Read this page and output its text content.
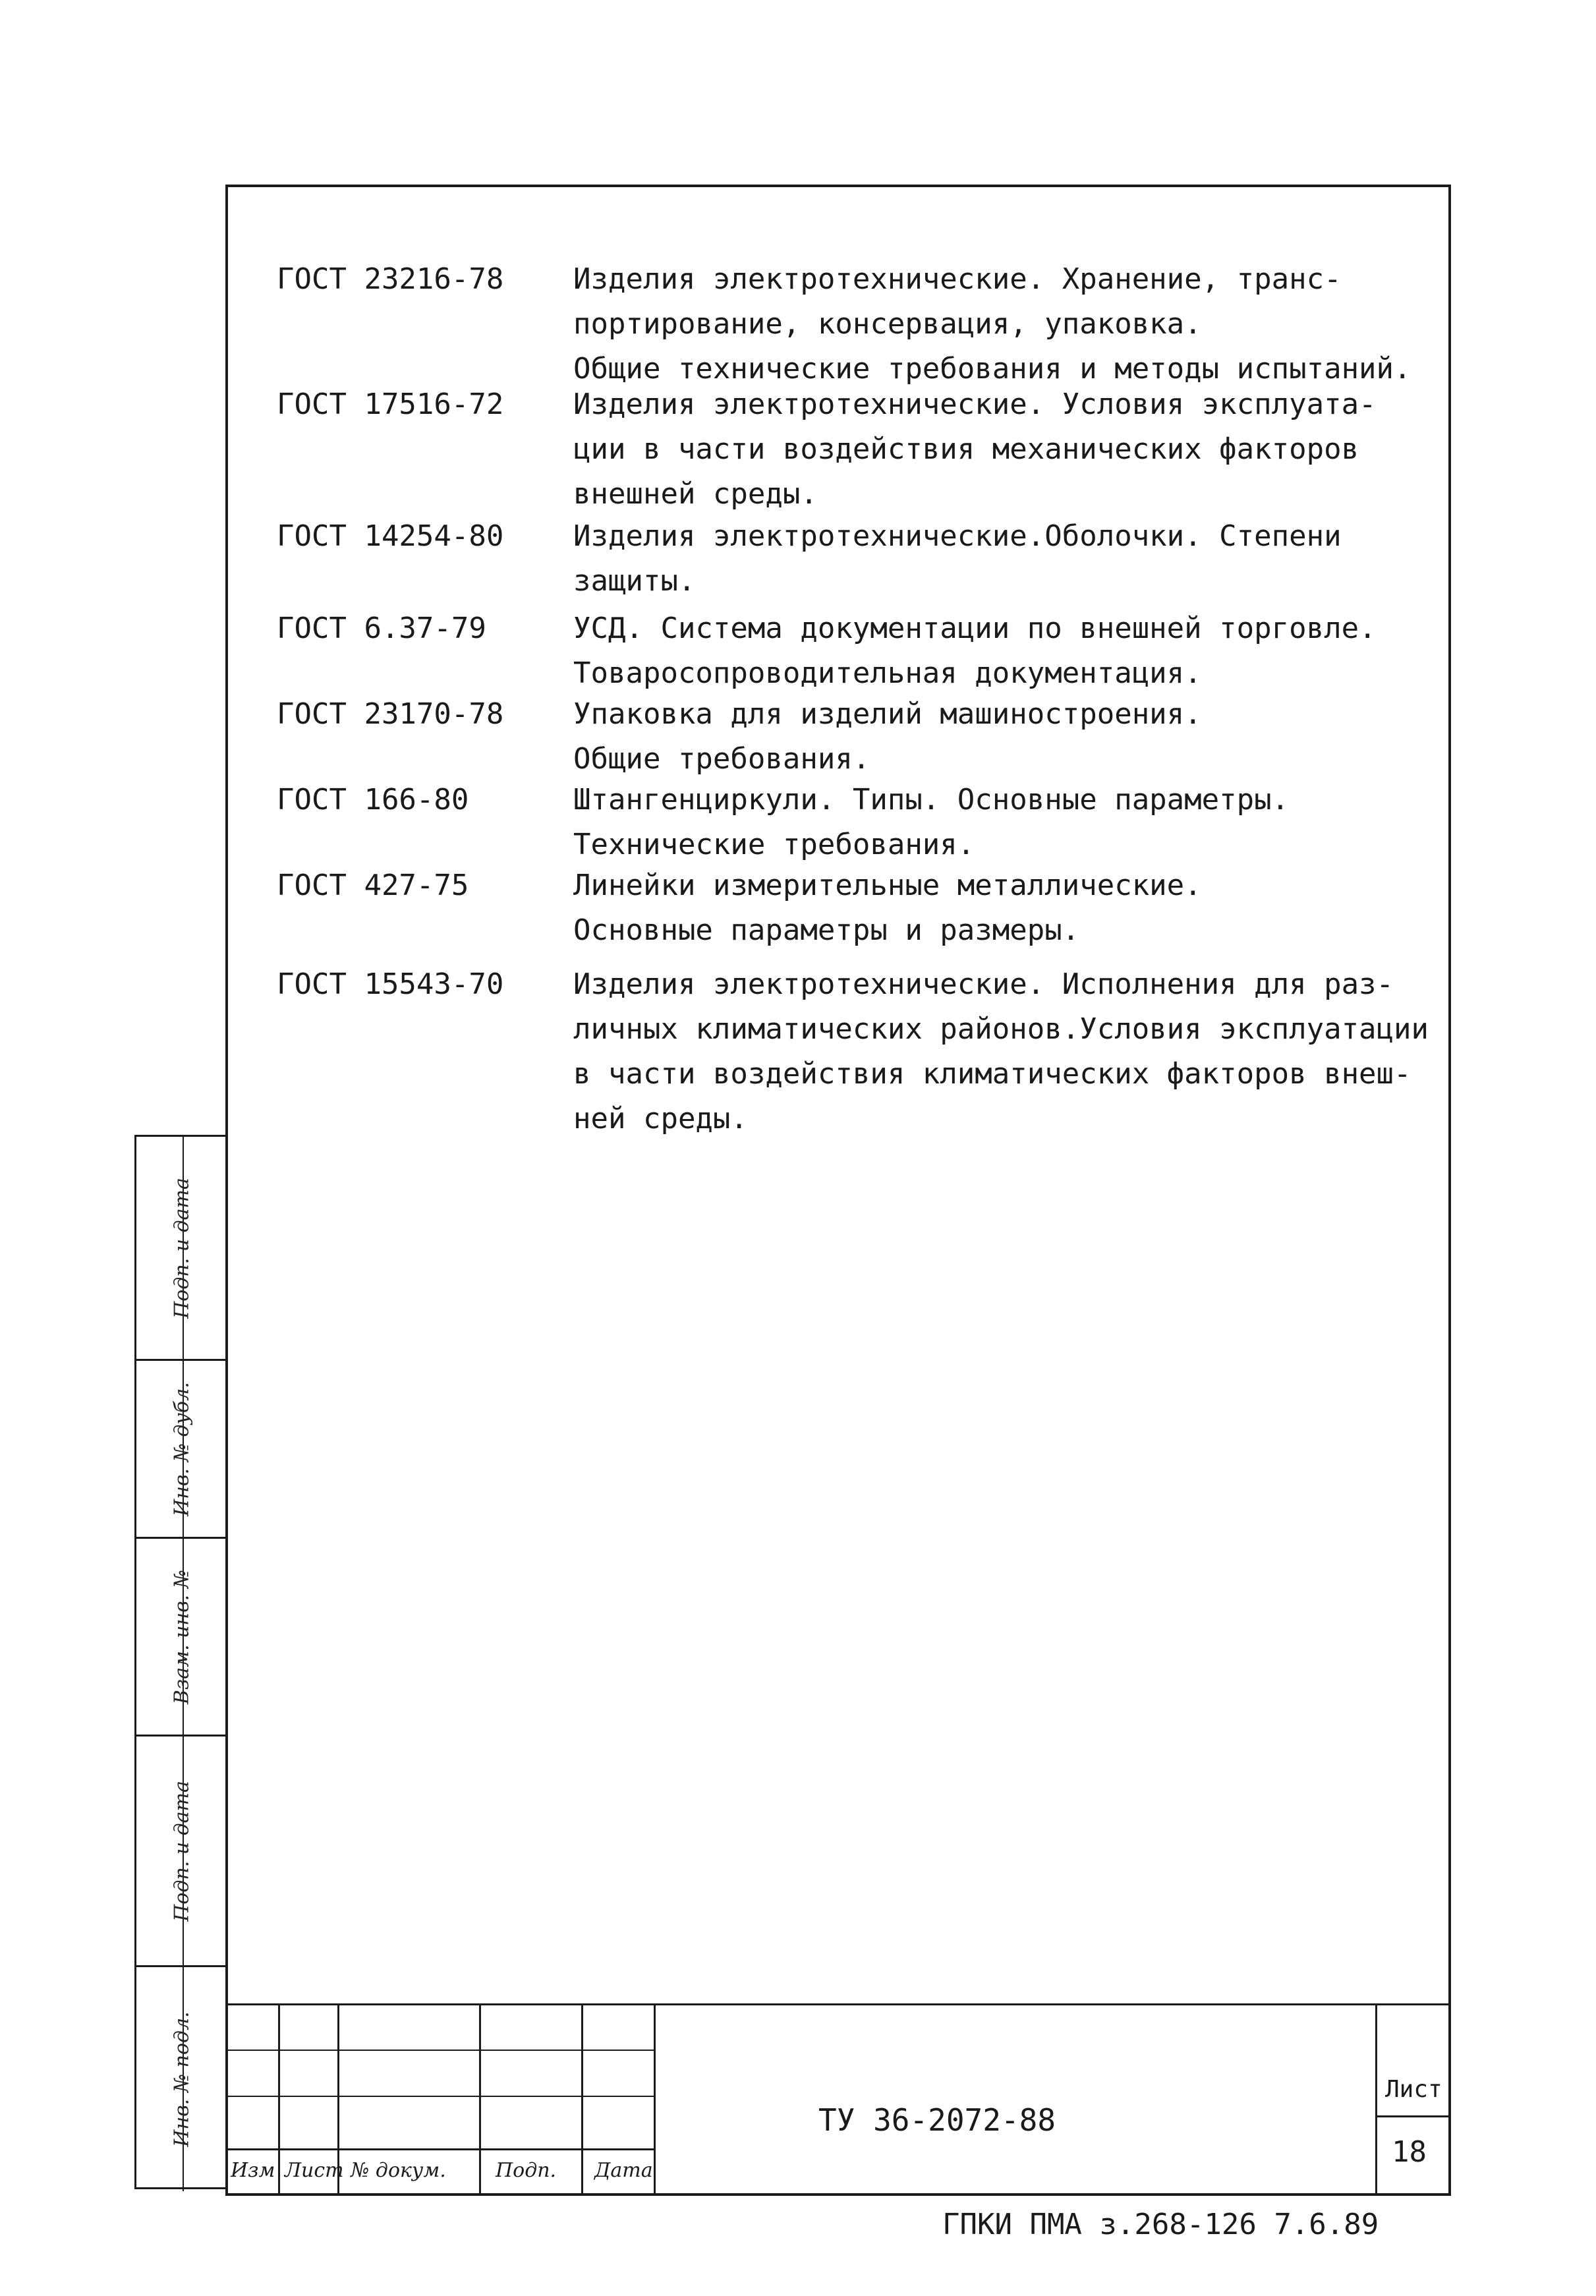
ГОСТ 23216-78	Изделия электротехнические. Хранение, транс-
портирование, консервация, упаковка.
Общие технические требования и методы испытаний.
ГОСТ 17516-72	Изделия электротехнические. Условия эксплуата-
ции в части воздействия механических факторов
внешней среды.
ГОСТ 14254-80	Изделия электротехнические.Оболочки. Степени
защиты.
ГОСТ 6.37-79	УСД. Система документации по внешней торговле.
Товаросопроводительная документация.
ГОСТ 23170-78	Упаковка для изделий машиностроения.
Общие требования.
ГОСТ 166-80	Штангенциркули. Типы. Основные параметры.
Технические требования.
ГОСТ 427-75	Линейки измерительные металлические.
Основные параметры и размеры.
ГОСТ 15543-70	Изделия электротехнические. Исполнения для раз-
личных климатических районов.Условия эксплуатации
в части воздействия климатических факторов внеш-
ней среды.
Подп. и дата
Инв. № дубл.
Взам. инв. №
Подп. и дата
Инв. № подл.
Изм Лист № докум.	Подп. Дата
ТУ 36-2072-88
Лист
18
ГПКИ ПМА з.268-126 7.6.89
